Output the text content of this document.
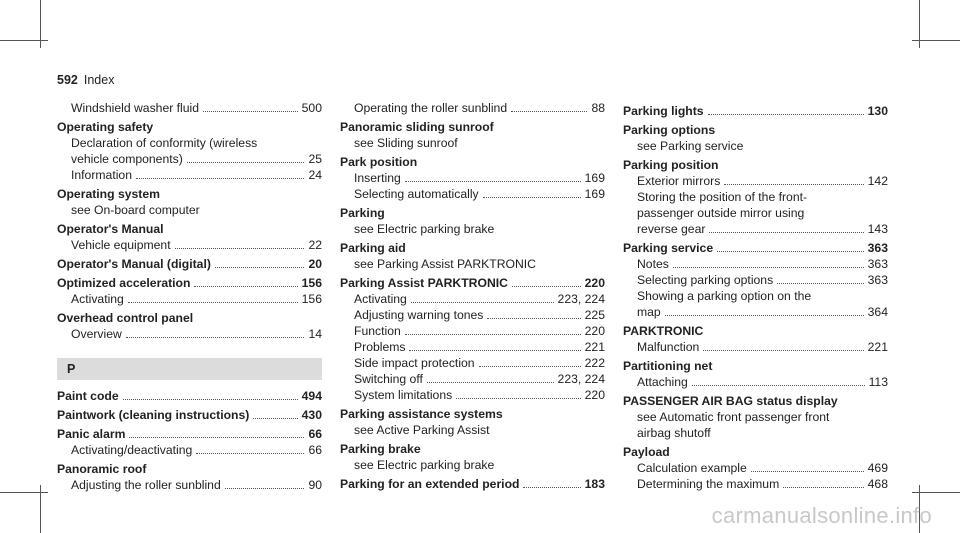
592 Index
Windshield washer fluid	500
Operating safety
Declaration of conformity (wireless
vehicle components)	25
Information	24
Operating system
see On-board computer
Operator's Manual
Vehicle equipment	22
Operator's Manual (digital)	20
Optimized acceleration	156
Activating	156
Overhead control panel
Overview	14
P
Paint code	494
Paintwork (cleaning instructions)	430
Panic alarm	66
Activating/deactivating	66
Panoramic roof
Adjusting the roller sunblind	90
Operating the roller sunblind	88
Panoramic sliding sunroof
see Sliding sunroof
Park position
Inserting	169
Selecting automatically	169
Parking
see Electric parking brake
Parking aid
see Parking Assist PARKTRONIC
Parking Assist PARKTRONIC	220
Activating	223, 224
Adjusting warning tones	225
Function	220
Problems	221
Side impact protection	222
Switching off	223, 224
System limitations	220
Parking assistance systems
see Active Parking Assist
Parking brake
see Electric parking brake
Parking for an extended period	183
Parking lights	130
Parking options
see Parking service
Parking position
Exterior mirrors	142
Storing the position of the front-
passenger outside mirror using
reverse gear	143
Parking service	363
Notes	363
Selecting parking options	363
Showing a parking option on the
map	364
PARKTRONIC
Malfunction	221
Partitioning net
Attaching	113
PASSENGER AIR BAG status display
see Automatic front passenger front
airbag shutoff
Payload
Calculation example	469
Determining the maximum	468
carmanualsonline.info
